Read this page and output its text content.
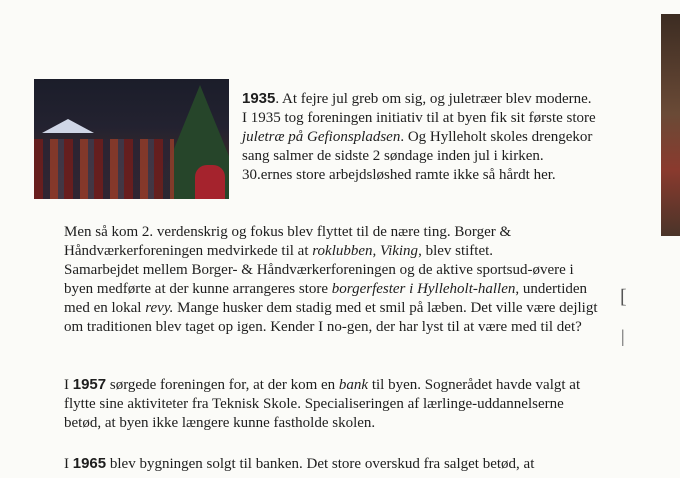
[
|

1935. At fejre jul greb om sig, og juletræer blev moderne. I 1935 tog foreningen initiativ til at byen fik sit første store juletræ på Gefionspladsen. Og Hylleholt skoles drengekor sang salmer de sidste 2 søndage inden jul i kirken.

30.ernes store arbejdsløshed ramte ikke så hårdt her.

Men så kom 2. verdenskrig og fokus blev flyttet til de nære ting. Borger & Håndværkerforeningen medvirkede til at roklubben, Viking, blev stiftet.
Samarbejdet mellem Borger- & Håndværkerforeningen og de aktive sportsud-øvere i byen medførte at der kunne arrangeres store borgerfester i Hylleholt-hallen, undertiden med en lokal revy. Mange husker dem stadig med et smil på læben. Det ville være dejligt om traditionen blev taget op igen. Kender I no-gen, der har lyst til at være med til det?

I 1957 sørgede foreningen for, at der kom en bank til byen. Sognerådet havde valgt at flytte sine aktiviteter fra Teknisk Skole. Specialiseringen af lærlinge-uddannelserne betød, at byen ikke længere kunne fastholde skolen.

I 1965 blev bygningen solgt til banken. Det store overskud fra salget betød, at
